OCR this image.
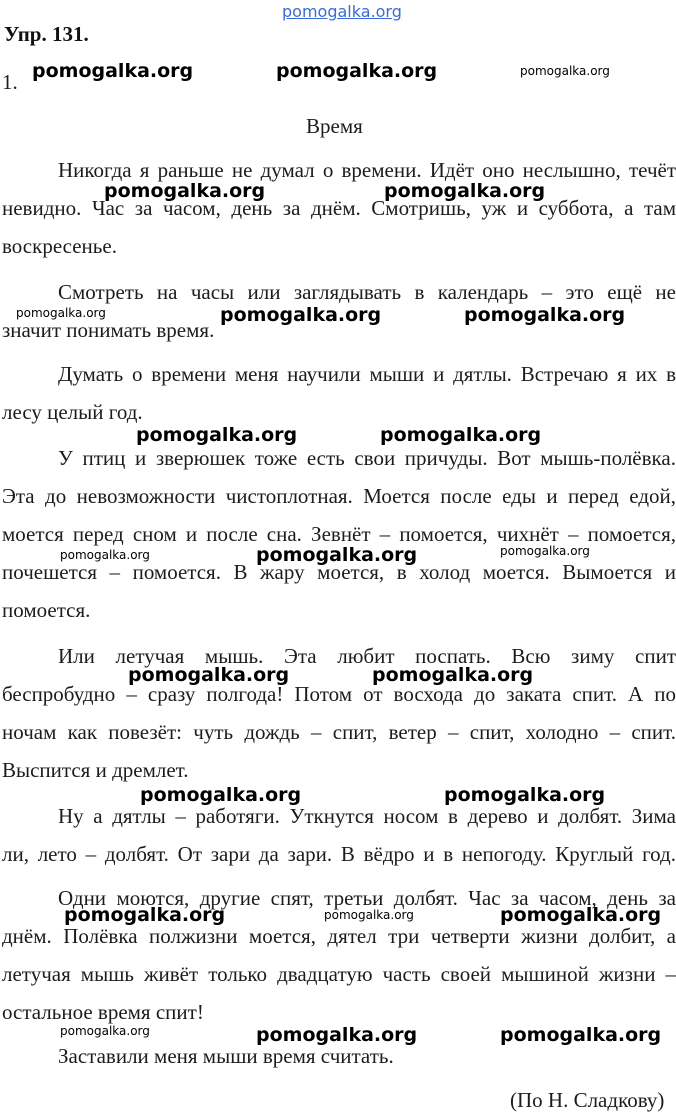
pomogalka.org
Упр. 131.
1.
Время
Никогда я раньше не думал о времени. Идёт оно неслышно, течёт
невидно. Час за часом, день за днём. Смотришь, уж и суббота, а там
воскресенье.
Смотреть на часы или заглядывать в календарь – это ещё не
значит понимать время.
Думать о времени меня научили мыши и дятлы. Встречаю я их в
лесу целый год.
У птиц и зверюшек тоже есть свои причуды. Вот мышь-полёвка.
Эта до невозможности чистоплотная. Моется после еды и перед едой,
моется перед сном и после сна. Зевнёт – помоется, чихнёт – помоется,
почешется – помоется. В жару моется, в холод моется. Вымоется и
помоется.
Или летучая мышь. Эта любит поспать. Всю зиму спит
беспробудно – сразу полгода! Потом от восхода до заката спит. А по
ночам как повезёт: чуть дождь – спит, ветер – спит, холодно – спит.
Выспится и дремлет.
Ну а дятлы – работяги. Уткнутся носом в дерево и долбят. Зима
ли, лето – долбят. От зари да зари. В вёдро и в непогоду. Круглый год.
Одни моются, другие спят, третьи долбят. Час за часом, день за
днём. Полёвка полжизни моется, дятел три четверти жизни долбит, а
летучая мышь живёт только двадцатую часть своей мышиной жизни –
остальное время спит!
Заставили меня мыши время считать.
(По Н. Сладкову)
pomogalka.org	pomogalka.org	pomogalka.org
pomogalka.org	pomogalka.org
pomogalka.org	pomogalka.org	pomogalka.org
pomogalka.org	pomogalka.org
pomogalka.org	pomogalka.org	pomogalka.org
pomogalka.org	pomogalka.org
pomogalka.org	pomogalka.org
pomogalka.org	pomogalka.org	pomogalka.org
pomogalka.org	pomogalka.org	pomogalka.org
